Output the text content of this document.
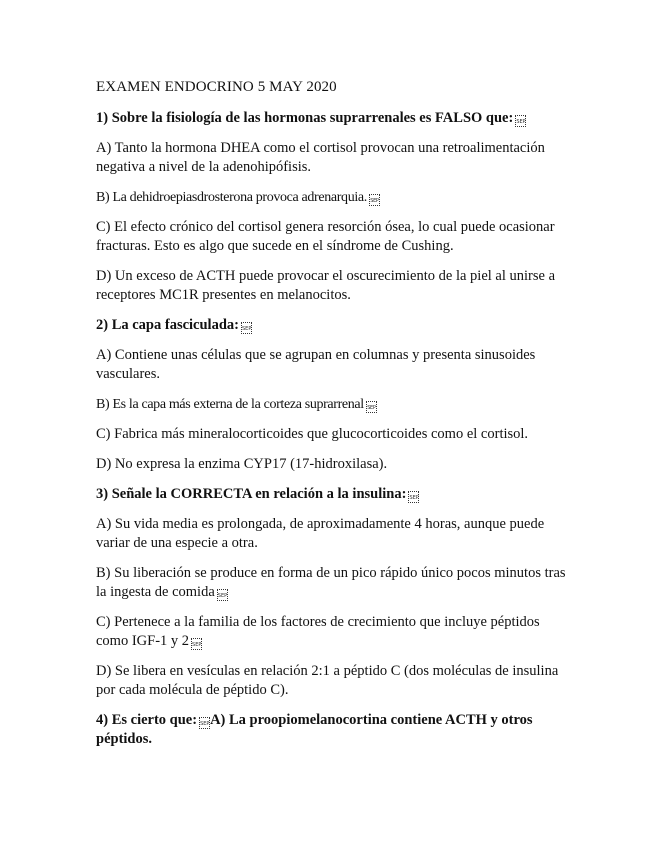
EXAMEN ENDOCRINO 5 MAY 2020
1) Sobre la fisiología de las hormonas suprarrenales es FALSO que:SEP
A) Tanto la hormona DHEA como el cortisol provocan una retroalimentación negativa a nivel de la adenohipófisis.
B) La dehidroepiasdrosterona provoca adrenarquia.SEP
C) El efecto crónico del cortisol genera resorción ósea, lo cual puede ocasionar fracturas. Esto es algo que sucede en el síndrome de Cushing.
D) Un exceso de ACTH puede provocar el oscurecimiento de la piel al unirse a receptores MC1R presentes en melanocitos.
2) La capa fasciculada:SEP
A) Contiene unas células que se agrupan en columnas y presenta sinusoides vasculares.
B) Es la capa más externa de la corteza suprarrenalSEP
C) Fabrica más mineralocorticoides que glucocorticoides como el cortisol.
D) No expresa la enzima CYP17 (17-hidroxilasa).
3) Señale la CORRECTA en relación a la insulina:SEP
A) Su vida media es prolongada, de aproximadamente 4 horas, aunque puede variar de una especie a otra.
B) Su liberación se produce en forma de un pico rápido único pocos minutos tras la ingesta de comidaSEP
C) Pertenece a la familia de los factores de crecimiento que incluye péptidos como IGF-1 y 2SEP
D) Se libera en vesículas en relación 2:1 a péptido C (dos moléculas de insulina por cada molécula de péptido C).
4) Es cierto que:SEP A) La proopiomelanocortina contiene ACTH y otros péptidos.
